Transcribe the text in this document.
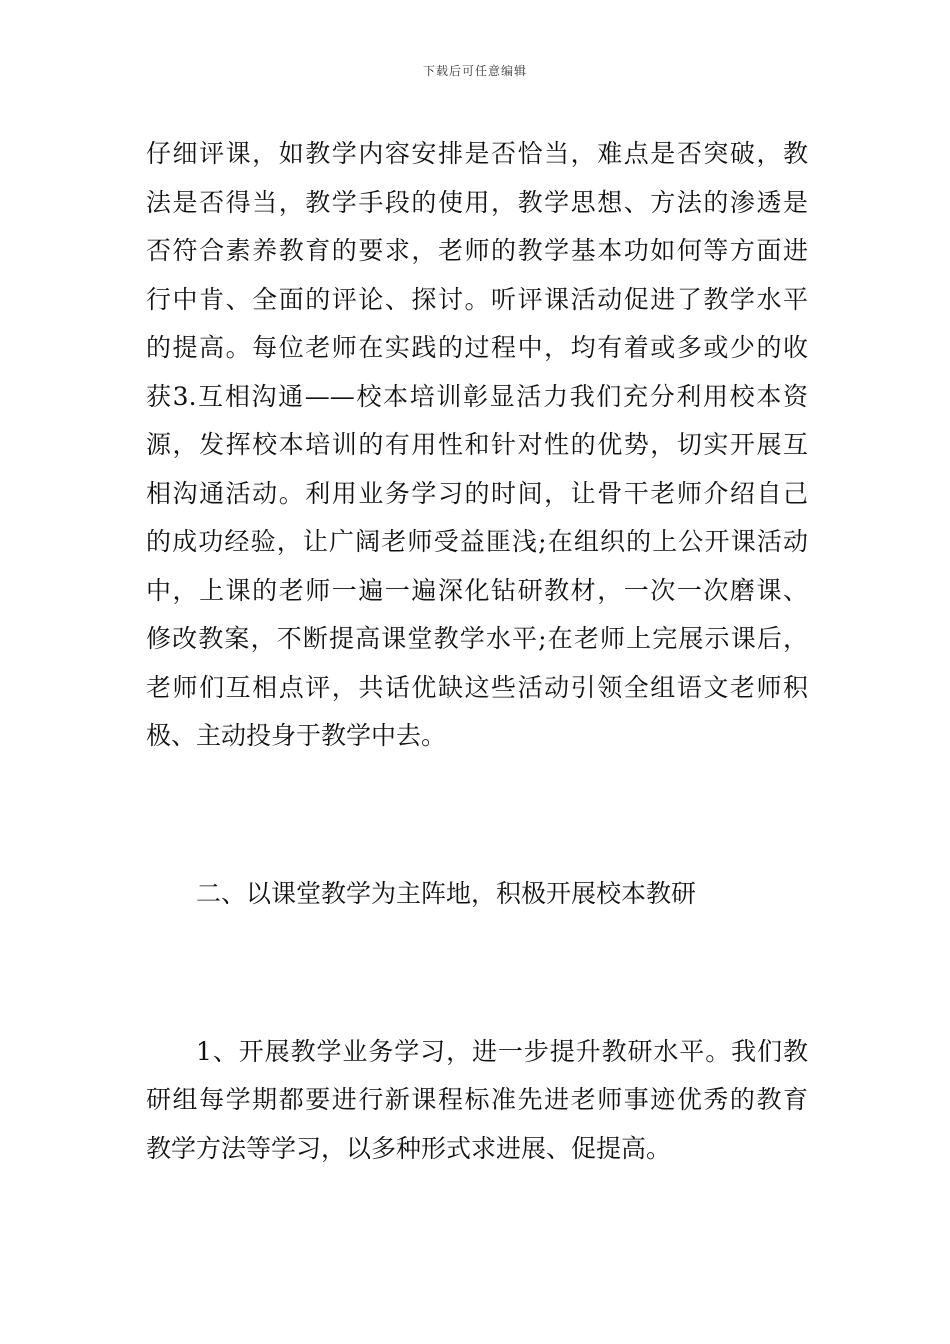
下载后可任意编辑
仔细评课，如教学内容安排是否恰当，难点是否突破，教
法是否得当，教学手段的使用，教学思想、方法的渗透是
否符合素养教育的要求，老师的教学基本功如何等方面进
行中肯、全面的评论、探讨。听评课活动促进了教学水平
的提高。每位老师在实践的过程中，均有着或多或少的收
获3.互相沟通——校本培训彰显活力我们充分利用校本资
源，发挥校本培训的有用性和针对性的优势，切实开展互
相沟通活动。利用业务学习的时间，让骨干老师介绍自己
的成功经验，让广阔老师受益匪浅;在组织的上公开课活动
中，上课的老师一遍一遍深化钻研教材，一次一次磨课、
修改教案，不断提高课堂教学水平;在老师上完展示课后，
老师们互相点评，共话优缺这些活动引领全组语文老师积
极、主动投身于教学中去。
二、以课堂教学为主阵地，积极开展校本教研
1、开展教学业务学习，进一步提升教研水平。我们教
研组每学期都要进行新课程标准先进老师事迹优秀的教育
教学方法等学习，以多种形式求进展、促提高。
